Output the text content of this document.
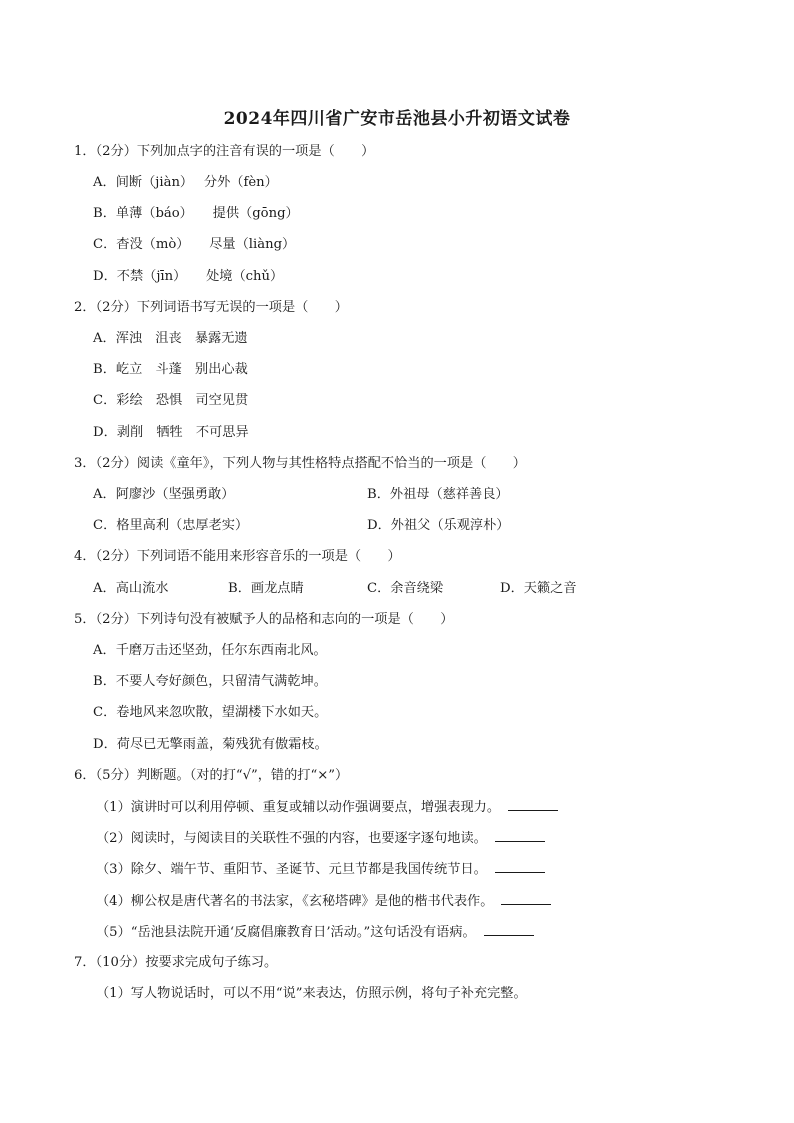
2024年四川省广安市岳池县小升初语文试卷
1．（2分）下列加点字的注音有误的一项是（　　）
A．间断（jiàn）　 分外（fèn）
B．单薄（báo）　　提供（gōng）
C．杳没（mò）　　尽量（liàng）
D．不禁（jīn）　　处境（chǔ）
2．（2分）下列词语书写无误的一项是（　　）
A．浑浊　沮丧　暴露无遗
B．屹立　斗蓬　别出心裁
C．彩绘　恐惧　司空见贯
D．剥削　牺牲　不可思异
3．（2分）阅读《童年》，下列人物与其性格特点搭配不恰当的一项是（　　）
A．阿廖沙（坚强勇敢）	B．外祖母（慈祥善良）
C．格里高利（忠厚老实）	D．外祖父（乐观淳朴）
4．（2分）下列词语不能用来形容音乐的一项是（　　）
A．高山流水	B．画龙点睛	C．余音绕梁	D．天籁之音
5．（2分）下列诗句没有被赋予人的品格和志向的一项是（　　）
A．千磨万击还坚劲，任尔东西南北风。
B．不要人夸好颜色，只留清气满乾坤。
C．卷地风来忽吹散，望湖楼下水如天。
D．荷尽已无擎雨盖，菊残犹有傲霜枝。
6．（5分）判断题。（对的打“√”，错的打“×”）
（1）演讲时可以利用停顿、重复或辅以动作强调要点，增强表现力。
（2）阅读时，与阅读目的关联性不强的内容，也要逐字逐句地读。
（3）除夕、端午节、重阳节、圣诞节、元旦节都是我国传统节日。
（4）柳公权是唐代著名的书法家，《玄秘塔碑》是他的楷书代表作。
（5）“岳池县法院开通‘反腐倡廉教育日’活动。”这句话没有语病。
7．（10分）按要求完成句子练习。
（1）写人物说话时，可以不用“说”来表达，仿照示例，将句子补充完整。
